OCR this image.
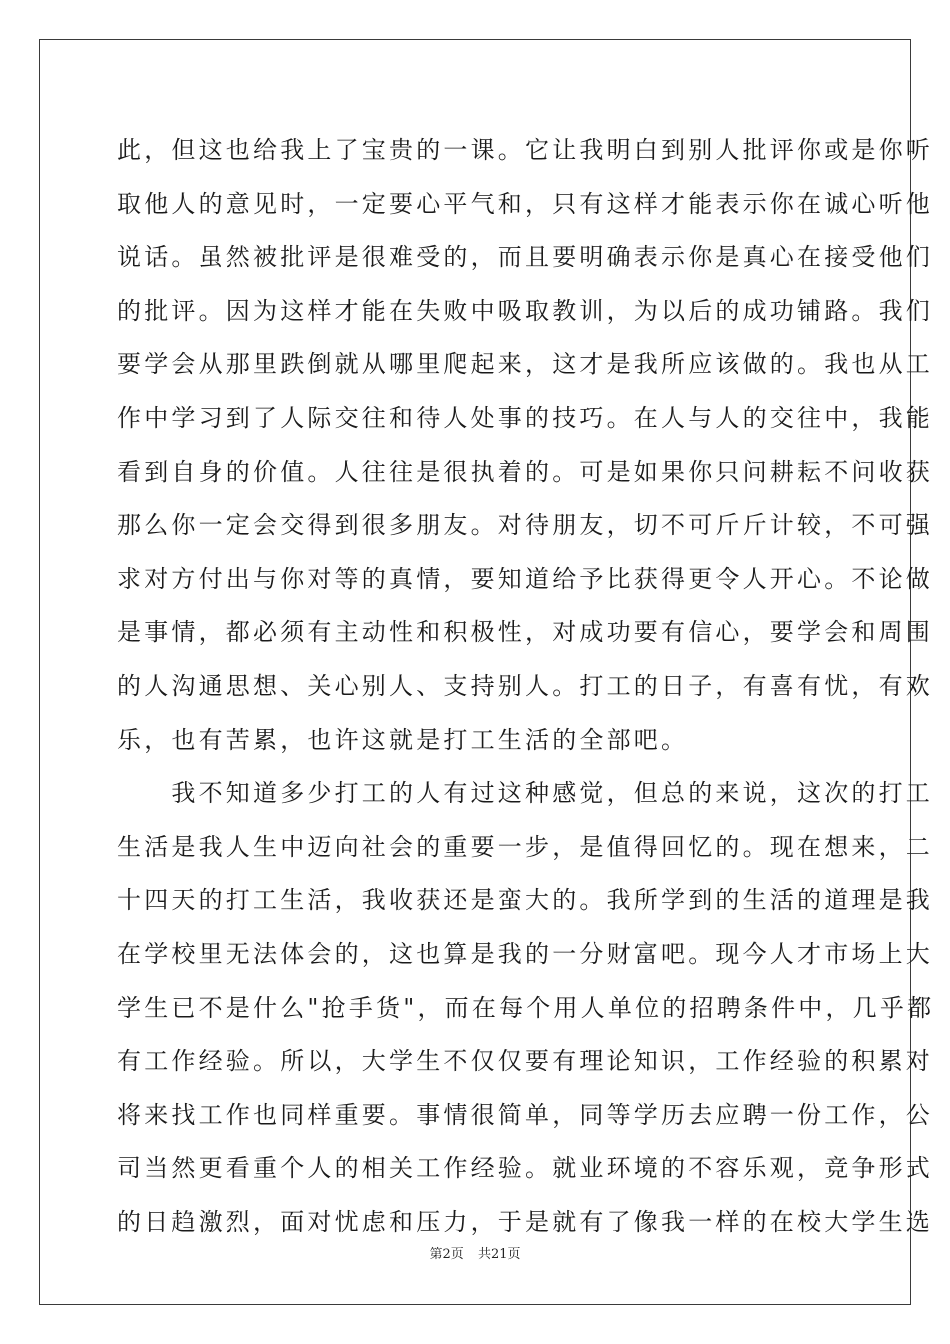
此，但这也给我上了宝贵的一课。它让我明白到别人批评你或是你听
取他人的意见时，一定要心平气和，只有这样才能表示你在诚心听他
说话。虽然被批评是很难受的，而且要明确表示你是真心在接受他们
的批评。因为这样才能在失败中吸取教训，为以后的成功铺路。我们
要学会从那里跌倒就从哪里爬起来，这才是我所应该做的。我也从工
作中学习到了人际交往和待人处事的技巧。在人与人的交往中，我能
看到自身的价值。人往往是很执着的。可是如果你只问耕耘不问收获
那么你一定会交得到很多朋友。对待朋友，切不可斤斤计较，不可强
求对方付出与你对等的真情，要知道给予比获得更令人开心。不论做
是事情，都必须有主动性和积极性，对成功要有信心，要学会和周围
的人沟通思想、关心别人、支持别人。打工的日子，有喜有忧，有欢
乐，也有苦累，也许这就是打工生活的全部吧。
　　我不知道多少打工的人有过这种感觉，但总的来说，这次的打工
生活是我人生中迈向社会的重要一步，是值得回忆的。现在想来，二
十四天的打工生活，我收获还是蛮大的。我所学到的生活的道理是我
在学校里无法体会的，这也算是我的一分财富吧。现今人才市场上大
学生已不是什么"抢手货"，而在每个用人单位的招聘条件中，几乎都
有工作经验。所以，大学生不仅仅要有理论知识，工作经验的积累对
将来找工作也同样重要。事情很简单，同等学历去应聘一份工作，公
司当然更看重个人的相关工作经验。就业环境的不容乐观，竞争形式
的日趋激烈，面对忧虑和压力，于是就有了像我一样的在校大学生选
第2页 共21页
